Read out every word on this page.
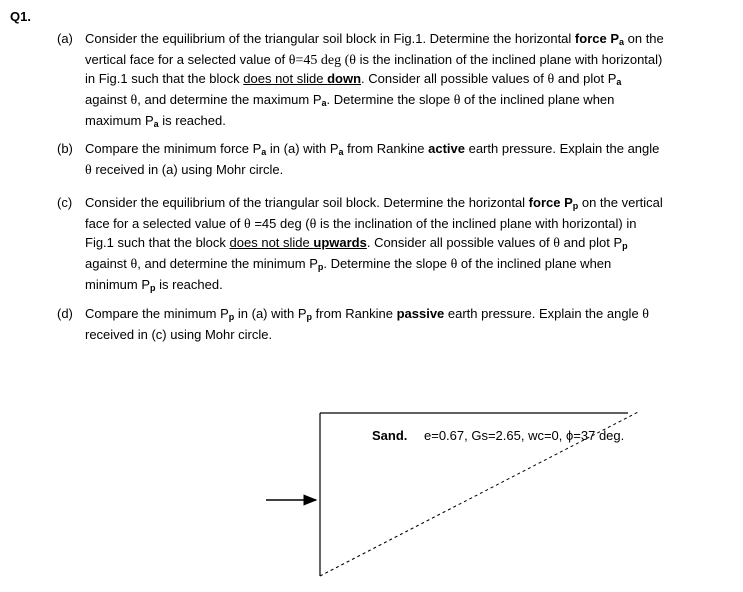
Q1.
(a) Consider the equilibrium of the triangular soil block in Fig.1. Determine the horizontal force $P_a$ on the vertical face for a selected value of θ=45 deg (θ is the inclination of the inclined plane with horizontal) in Fig.1 such that the block does not slide down. Consider all possible values of θ and plot $P_a$ against θ, and determine the maximum $P_a$. Determine the slope θ of the inclined plane when maximum $P_a$ is reached.
(b) Compare the minimum force $P_a$ in (a) with $P_a$ from Rankine active earth pressure. Explain the angle θ received in (a) using Mohr circle.
(c) Consider the equilibrium of the triangular soil block. Determine the horizontal force $P_p$ on the vertical face for a selected value of θ =45 deg (θ is the inclination of the inclined plane with horizontal) in Fig.1 such that the block does not slide upwards. Consider all possible values of θ and plot $P_p$ against θ, and determine the minimum $P_p$. Determine the slope θ of the inclined plane when minimum $P_p$ is reached.
(d) Compare the minimum $P_p$ in (a) with $P_p$ from Rankine passive earth pressure. Explain the angle θ received in (c) using Mohr circle.
Sand. e=0.67, Gs=2.65, wc=0, ϕ=37 deg.
